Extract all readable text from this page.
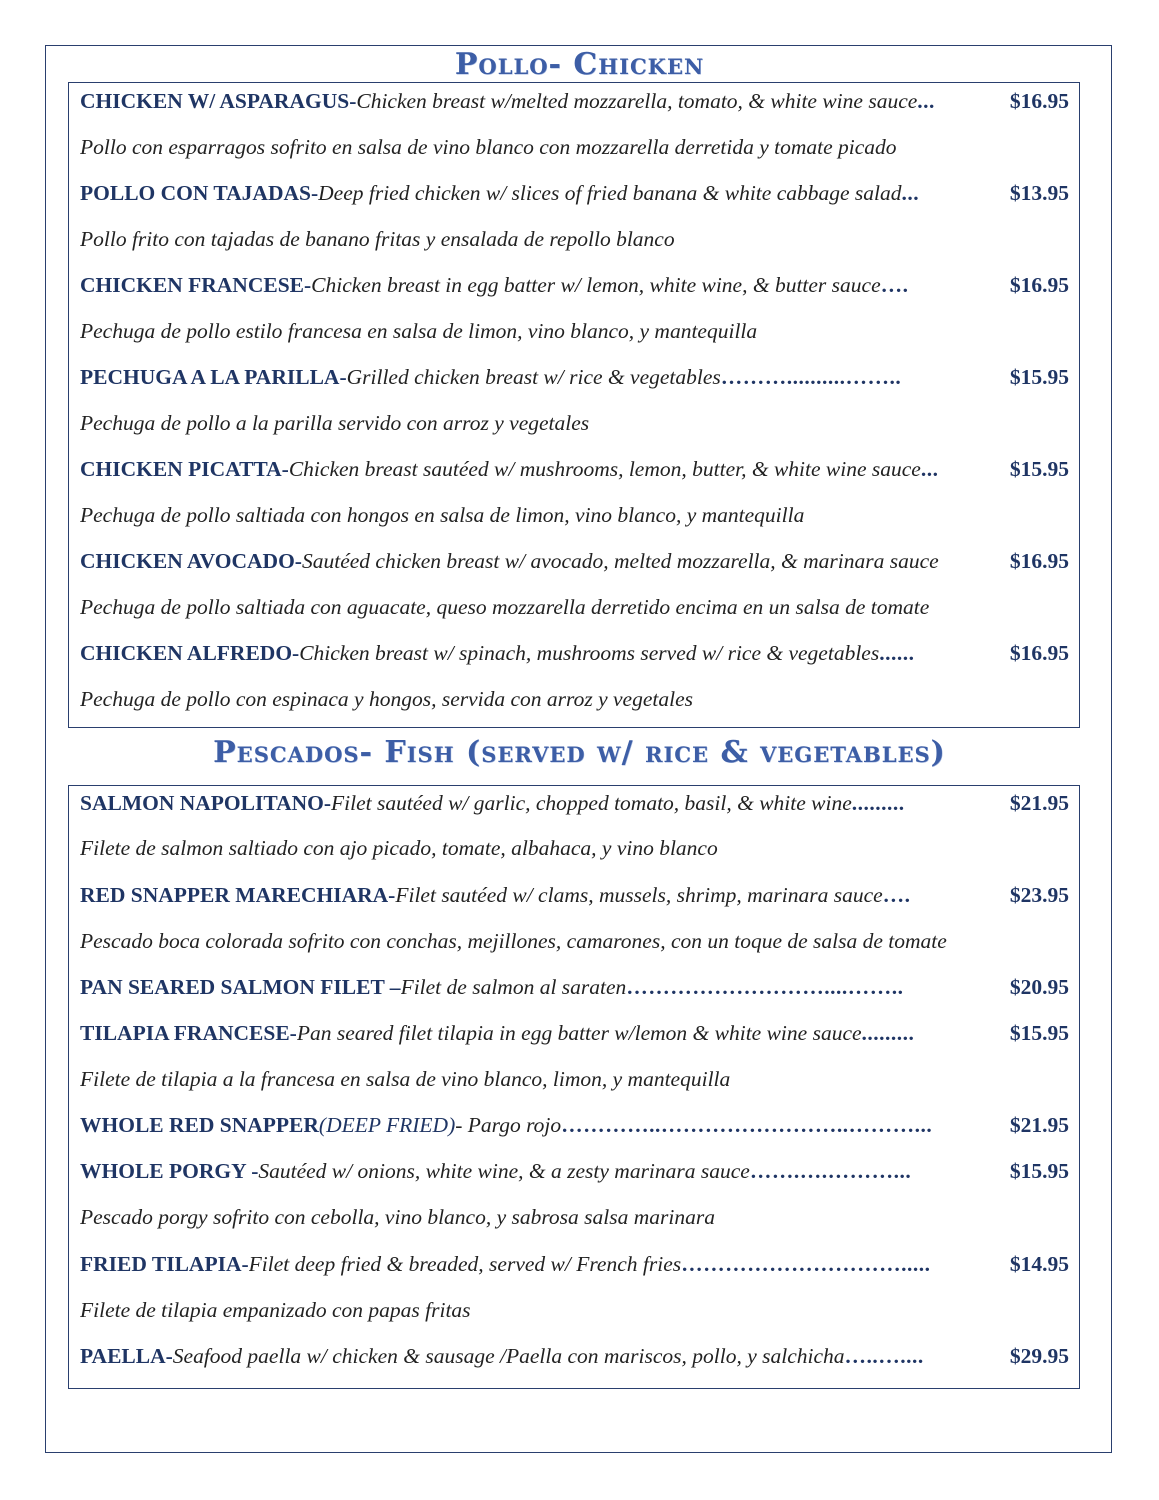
Pollo- Chicken
CHICKEN W/ ASPARAGUS- Chicken breast w/melted mozzarella, tomato, & white wine sauce ...	$16.95
Pollo con esparragos sofrito en salsa de vino blanco con mozzarella derretida y tomate picado
POLLO CON TAJADAS- Deep fried chicken w/ slices of fried banana & white cabbage salad ...	$13.95
Pollo frito con tajadas de banano fritas y ensalada de repollo blanco
CHICKEN FRANCESE- Chicken breast in egg batter w/ lemon, white wine, & butter sauce ….	$16.95
Pechuga de pollo estilo francesa en salsa de limon, vino blanco, y mantequilla
PECHUGA A LA PARILLA- Grilled chicken breast w/ rice & vegetables ………..........……..	$15.95
Pechuga de pollo a la parilla servido con arroz y vegetales
CHICKEN PICATTA- Chicken breast sautéed w/ mushrooms, lemon, butter, & white wine sauce ...	$15.95
Pechuga de pollo saltiada con hongos en salsa de limon, vino blanco, y mantequilla
CHICKEN AVOCADO- Sautéed chicken breast w/ avocado, melted mozzarella, & marinara sauce	$16.95
Pechuga de pollo saltiada con aguacate, queso mozzarella derretido encima en un salsa de tomate
CHICKEN ALFREDO- Chicken breast w/ spinach, mushrooms served w/ rice & vegetables ......	$16.95
Pechuga de pollo con espinaca y hongos, servida con arroz y vegetales
Pescados- Fish (served w/ rice & vegetables)
SALMON NAPOLITANO- Filet sautéed w/ garlic, chopped tomato, basil, & white wine .........	$21.95
Filete de salmon saltiado con ajo picado, tomate, albahaca, y vino blanco
RED SNAPPER MARECHIARA- Filet sautéed w/ clams, mussels, shrimp, marinara sauce ….	$23.95
Pescado boca colorada sofrito con conchas, mejillones, camarones, con un toque de salsa de tomate
PAN SEARED SALMON FILET – Filet de salmon al saraten ………………………....……..	$20.95
TILAPIA FRANCESE- Pan seared filet tilapia in egg batter w/lemon & white wine sauce .........	$15.95
Filete de tilapia a la francesa en salsa de vino blanco, limon, y mantequilla
WHOLE RED SNAPPER (DEEP FRIED) - Pargo rojo …………..……………………..………...	$21.95
WHOLE PORGY - Sautéed w/ onions, white wine, & a zesty marinara sauce …….….………...	$15.95
Pescado porgy sofrito con cebolla, vino blanco, y sabrosa salsa marinara
FRIED TILAPIA- Filet deep fried & breaded, served w/ French fries ………………………….....	$14.95
Filete de tilapia empanizado con papas fritas
PAELLA- Seafood paella w/ chicken & sausage /Paella con mariscos, pollo, y salchicha …..…....	$29.95
